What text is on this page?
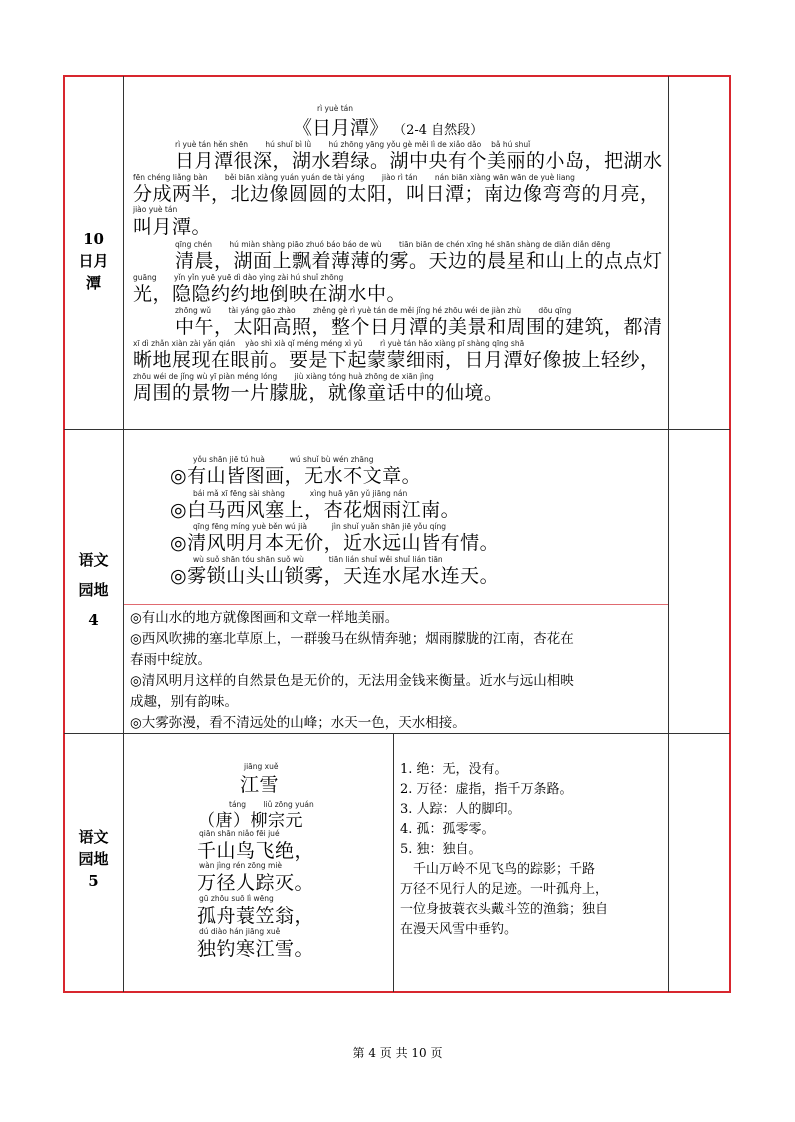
10
日月
潭
rì yuè tán
《日月潭》 （2-4 自然段）
rì yuè tán hěn shēn　　 hú shuǐ bì lǜ　　 hú zhōng yāng yǒu gè měi lì de xiǎo dǎo　 bǎ hú shuǐ
日月潭很深，湖水碧绿。湖中央有个美丽的小岛，把湖水
fēn chéng liǎng bàn　　 běi biān xiàng yuán yuán de tài yáng　　 jiào rì tán　　 nán biān xiàng wān wān de yuè liang
分成两半，北边像圆圆的太阳，叫日潭；南边像弯弯的月亮，
jiào yuè tán
叫月潭。
qīng chén　　 hú miàn shàng piāo zhuó báo báo de wù　　 tiān biān de chén xīng hé shān shàng de diǎn diǎn dēng
清晨，湖面上飘着薄薄的雾。天边的晨星和山上的点点灯
guāng　　 yǐn yǐn yuē yuē dì dào yìng zài hú shuǐ zhōng
光，隐隐约约地倒映在湖水中。
zhōng wǔ　　 tài yáng gāo zhào　　 zhěng gè rì yuè tán de měi jǐng hé zhōu wéi de jiàn zhù　　 dōu qīng
中午，太阳高照，整个日月潭的美景和周围的建筑，都清
xī dì zhǎn xiàn zài yǎn qián　 yào shì xià qǐ méng méng xì yǔ　　 rì yuè tán hǎo xiàng pī shàng qīng shā
晰地展现在眼前。要是下起蒙蒙细雨，日月潭好像披上轻纱，
zhōu wéi de jǐng wù yī piàn méng lóng　　 jiù xiàng tóng huà zhōng de xiān jìng
周围的景物一片朦胧，就像童话中的仙境。
语文
园地
4
yǒu shān jiē tú huà　　　 wú shuǐ bù wén zhāng
◎有山皆图画，无水不文章。
bái mǎ xī fēng sài shàng　　　 xìng huā yān yǔ jiāng nán
◎白马西风塞上，杏花烟雨江南。
qīng fēng míng yuè běn wú jià　　　 jìn shuǐ yuǎn shān jiē yǒu qíng
◎清风明月本无价，近水远山皆有情。
wù suǒ shān tóu shān suǒ wù　　　 tiān lián shuǐ wěi shuǐ lián tiān
◎雾锁山头山锁雾，天连水尾水连天。
◎有山水的地方就像图画和文章一样地美丽。
◎西风吹拂的塞北草原上，一群骏马在纵情奔驰；烟雨朦胧的江南，杏花在
春雨中绽放。
◎清风明月这样的自然景色是无价的，无法用金钱来衡量。近水与远山相映
成趣，别有韵味。
◎大雾弥漫，看不清远处的山峰；水天一色，天水相接。
语文
园地
5
jiāng xuě
江雪
táng　　 liǔ zōng yuán
（唐）柳宗元
qiān shān niǎo fēi jué
千山鸟飞绝，
wàn jìng rén zōng miè
万径人踪灭。
gū zhōu suō lì wēng
孤舟蓑笠翁，
dú diào hán jiāng xuě
独钓寒江雪。
1. 绝：无，没有。
2. 万径：虚指，指千万条路。
3. 人踪：人的脚印。
4. 孤：孤零零。
5. 独：独自。
　千山万岭不见飞鸟的踪影；千路
万径不见行人的足迹。一叶孤舟上，
一位身披蓑衣头戴斗笠的渔翁；独自
在漫天风雪中垂钓。
第 4 页 共 10 页
